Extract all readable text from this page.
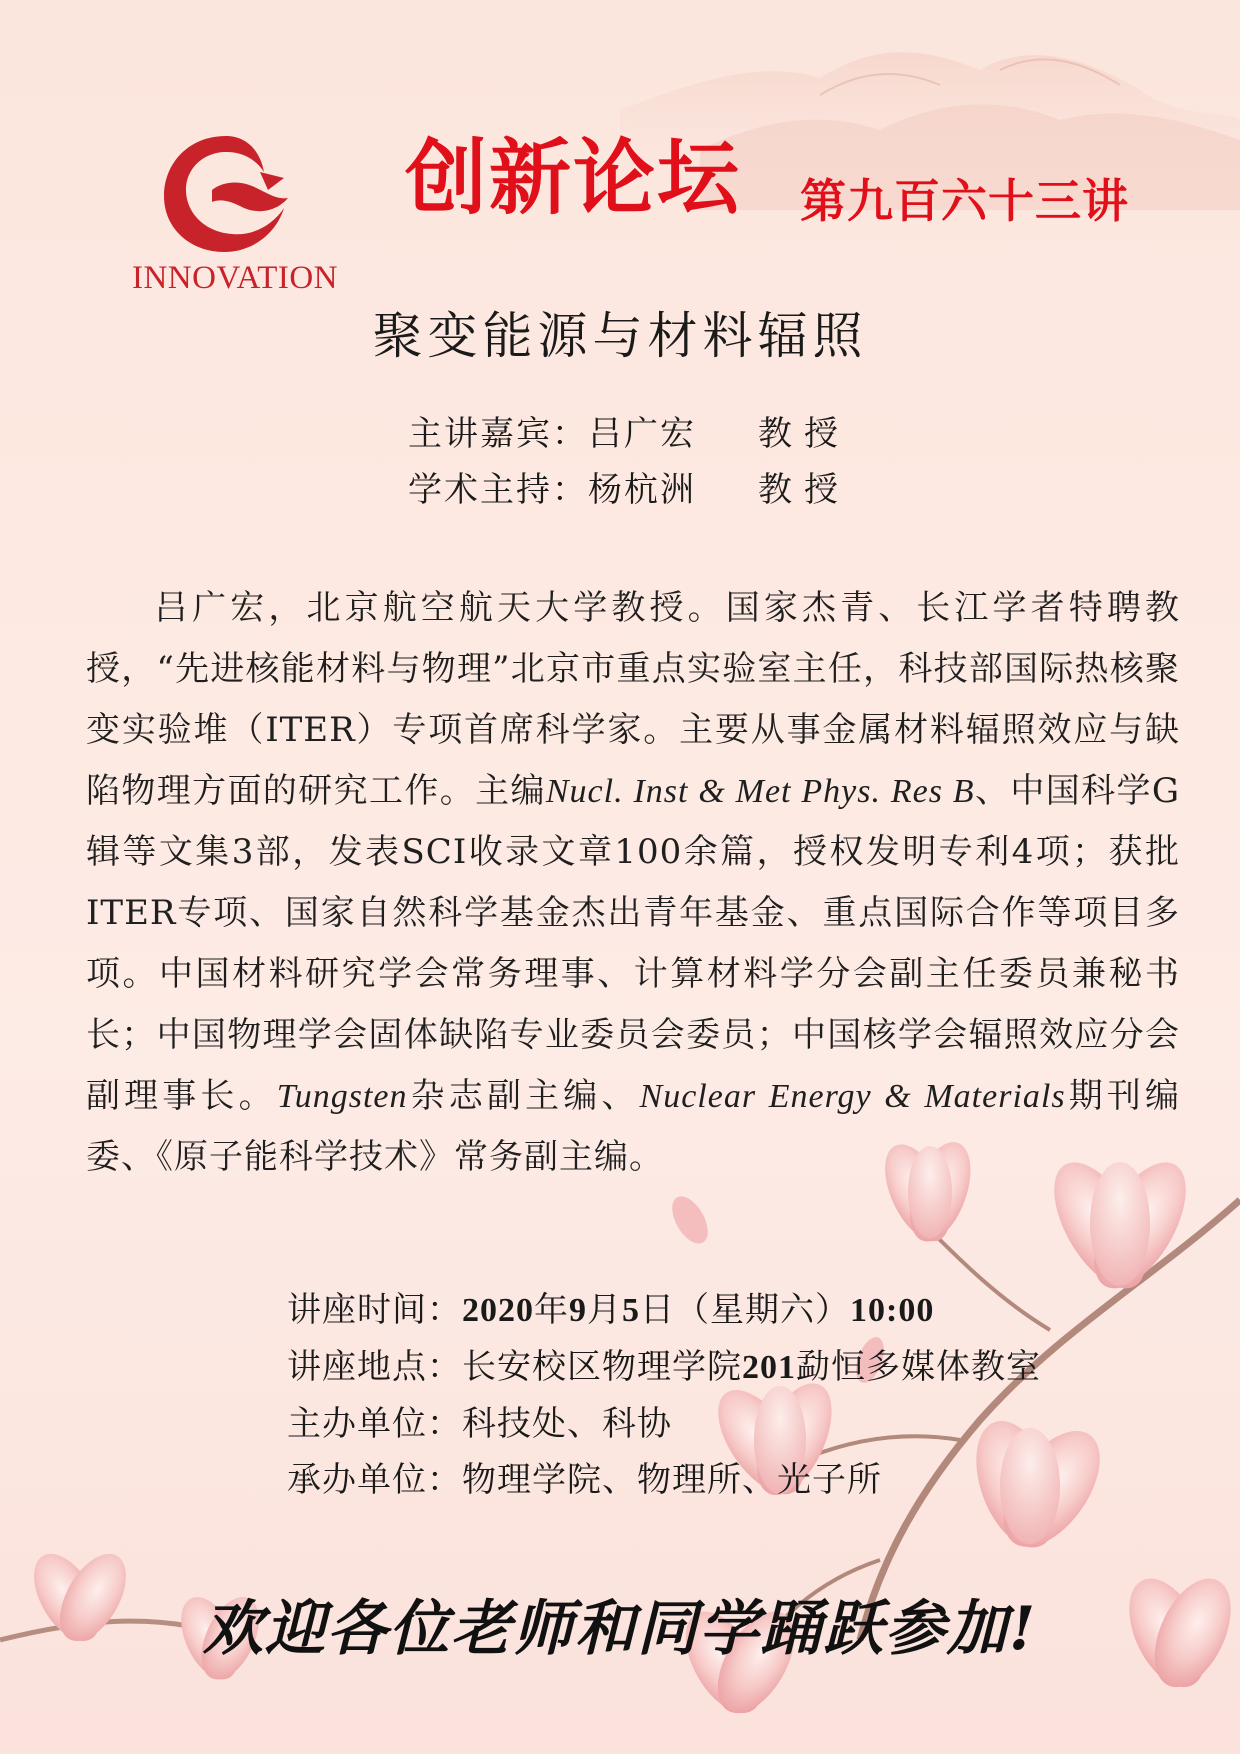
INNOVATION
创新论坛 第九百六十三讲
聚变能源与材料辐照
主讲嘉宾： 吕广宏	教授
学术主持： 杨杭洲	教授
吕广宏，北京航空航天大学教授。国家杰青、长江学者特聘教授，“先进核能材料与物理”北京市重点实验室主任，科技部国际热核聚变实验堆（ITER）专项首席科学家。主要从事金属材料辐照效应与缺陷物理方面的研究工作。主编Nucl. Inst & Met Phys. Res B、中国科学G辑等文集3部，发表SCI收录文章100余篇，授权发明专利4项；获批ITER专项、国家自然科学基金杰出青年基金、重点国际合作等项目多项。中国材料研究学会常务理事、计算材料学分会副主任委员兼秘书长；中国物理学会固体缺陷专业委员会委员；中国核学会辐照效应分会副理事长。Tungsten杂志副主编、Nuclear Energy & Materials期刊编委、《原子能科学技术》常务副主编。
讲座时间：2020年9月5日（星期六）10:00
讲座地点：长安校区物理学院201勐恒多媒体教室
主办单位：科技处、科协
承办单位：物理学院、物理所、光子所
欢迎各位老师和同学踊跃参加!
